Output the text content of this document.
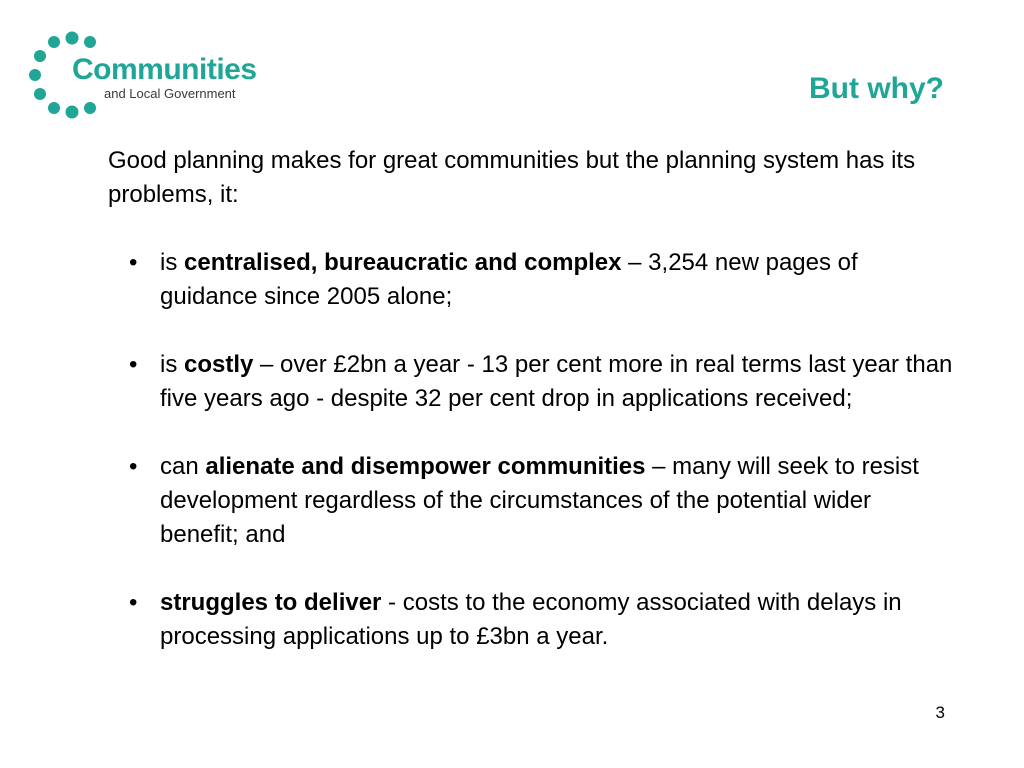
Communities
and Local Government	But why?

Good planning makes for great communities but the planning system has its problems, it:

• is centralised, bureaucratic and complex – 3,254 new pages of guidance since 2005 alone;
• is costly – over £2bn a year - 13 per cent more in real terms last year than five years ago - despite 32 per cent drop in applications received;
• can alienate and disempower communities – many will seek to resist development regardless of the circumstances of the potential wider benefit; and
• struggles to deliver - costs to the economy associated with delays in processing applications up to £3bn a year.
3
